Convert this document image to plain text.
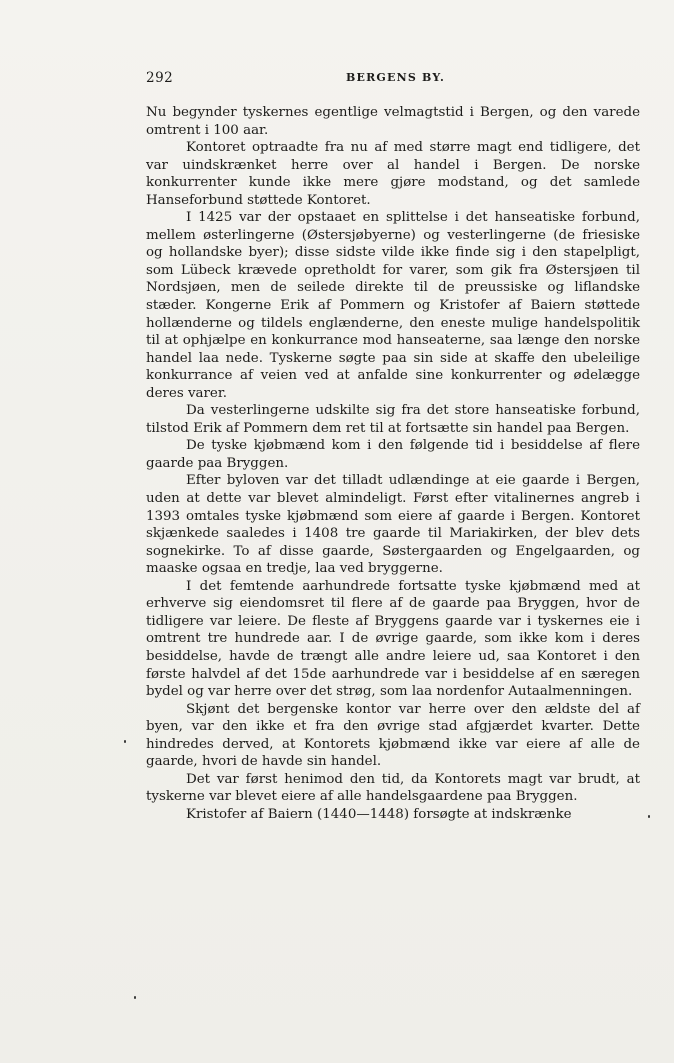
292	BERGENS BY.

Nu begynder tyskernes egentlige velmagtstid i Bergen, og den varede omtrent i 100 aar.

Kontoret optraadte fra nu af med større magt end tidligere, det var uindskrænket herre over al handel i Bergen. De norske konkurrenter kunde ikke mere gjøre modstand, og det samlede Hanseforbund støttede Kontoret.

I 1425 var der opstaaet en splittelse i det hanseatiske forbund, mellem østerlingerne (Østersjøbyerne) og vesterlingerne (de friesiske og hollandske byer); disse sidste vilde ikke finde sig i den stapelpligt, som Lübeck krævede opretholdt for varer, som gik fra Østersjøen til Nordsjøen, men de seilede direkte til de preussiske og liflandske stæder. Kongerne Erik af Pommern og Kristofer af Baiern støttede hollænderne og tildels englænderne, den eneste mulige handelspolitik til at ophjælpe en konkurrance mod hanseaterne, saa længe den norske handel laa nede. Tyskerne søgte paa sin side at skaffe den ubeleilige konkurrance af veien ved at anfalde sine konkurrenter og ødelægge deres varer.

Da vesterlingerne udskilte sig fra det store hanseatiske forbund, tilstod Erik af Pommern dem ret til at fortsætte sin handel paa Bergen.

De tyske kjøbmænd kom i den følgende tid i besiddelse af flere gaarde paa Bryggen.

Efter byloven var det tilladt udlændinge at eie gaarde i Bergen, uden at dette var blevet almindeligt. Først efter vitalinernes angreb i 1393 omtales tyske kjøbmænd som eiere af gaarde i Bergen. Kontoret skjænkede saaledes i 1408 tre gaarde til Mariakirken, der blev dets sognekirke. To af disse gaarde, Søstergaarden og Engelgaarden, og maaske ogsaa en tredje, laa ved bryggerne.

I det femtende aarhundrede fortsatte tyske kjøbmænd med at erhverve sig eiendomsret til flere af de gaarde paa Bryggen, hvor de tidligere var leiere. De fleste af Bryggens gaarde var i tyskernes eie i omtrent tre hundrede aar. I de øvrige gaarde, som ikke kom i deres besiddelse, havde de trængt alle andre leiere ud, saa Kontoret i den første halvdel af det 15de aarhundrede var i besiddelse af en særegen bydel og var herre over det strøg, som laa nordenfor Autaalmenningen.

Skjønt det bergenske kontor var herre over den ældste del af byen, var den ikke et fra den øvrige stad afgjærdet kvarter. Dette hindredes derved, at Kontorets kjøbmænd ikke var eiere af alle de gaarde, hvori de havde sin handel.

Det var først henimod den tid, da Kontorets magt var brudt, at tyskerne var blevet eiere af alle handelsgaardene paa Bryggen.

Kristofer af Baiern (1440—1448) forsøgte at indskrænke
